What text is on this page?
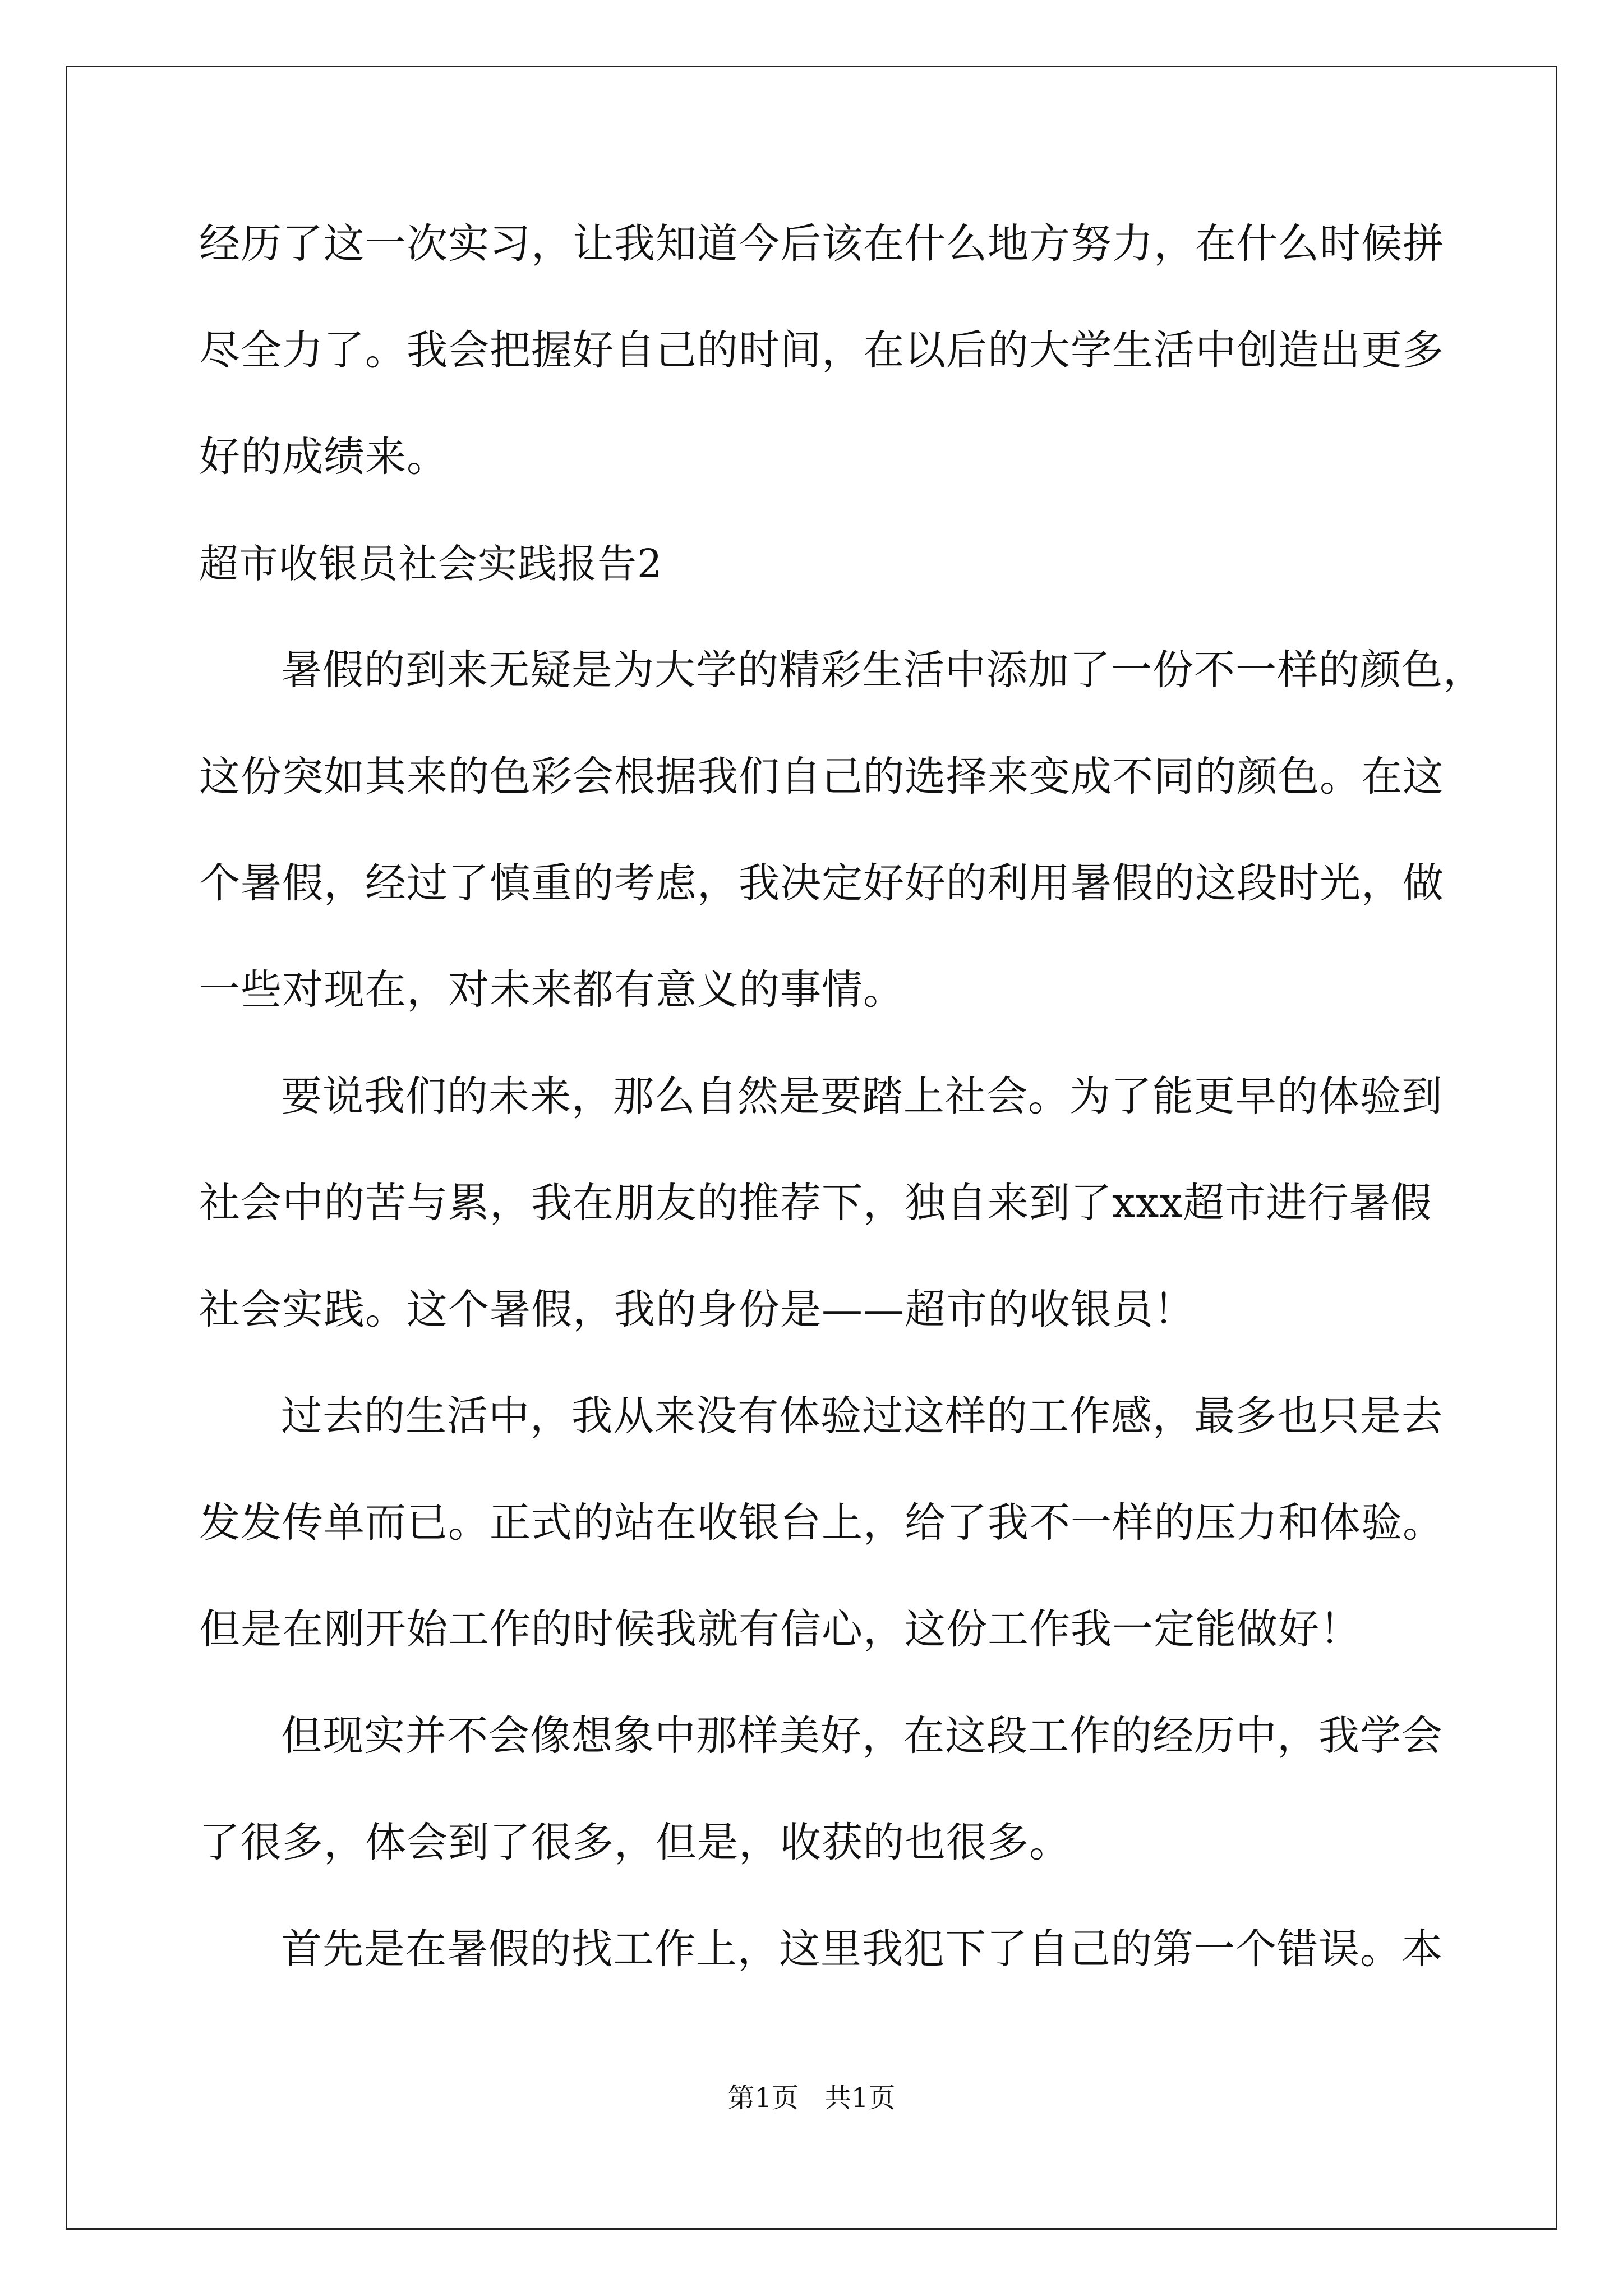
经历了这一次实习，让我知道今后该在什么地方努力，在什么时候拼
尽全力了。我会把握好自己的时间，在以后的大学生活中创造出更多
好的成绩来。
超市收银员社会实践报告2
暑假的到来无疑是为大学的精彩生活中添加了一份不一样的颜色，
这份突如其来的色彩会根据我们自己的选择来变成不同的颜色。在这
个暑假，经过了慎重的考虑，我决定好好的利用暑假的这段时光，做
一些对现在，对未来都有意义的事情。
要说我们的未来，那么自然是要踏上社会。为了能更早的体验到
社会中的苦与累，我在朋友的推荐下，独自来到了xxx超市进行暑假
社会实践。这个暑假，我的身份是——超市的收银员！
过去的生活中，我从来没有体验过这样的工作感，最多也只是去
发发传单而已。正式的站在收银台上，给了我不一样的压力和体验。
但是在刚开始工作的时候我就有信心，这份工作我一定能做好！
但现实并不会像想象中那样美好，在这段工作的经历中，我学会
了很多，体会到了很多，但是，收获的也很多。
首先是在暑假的找工作上，这里我犯下了自己的第一个错误。本
第1页   共1页
